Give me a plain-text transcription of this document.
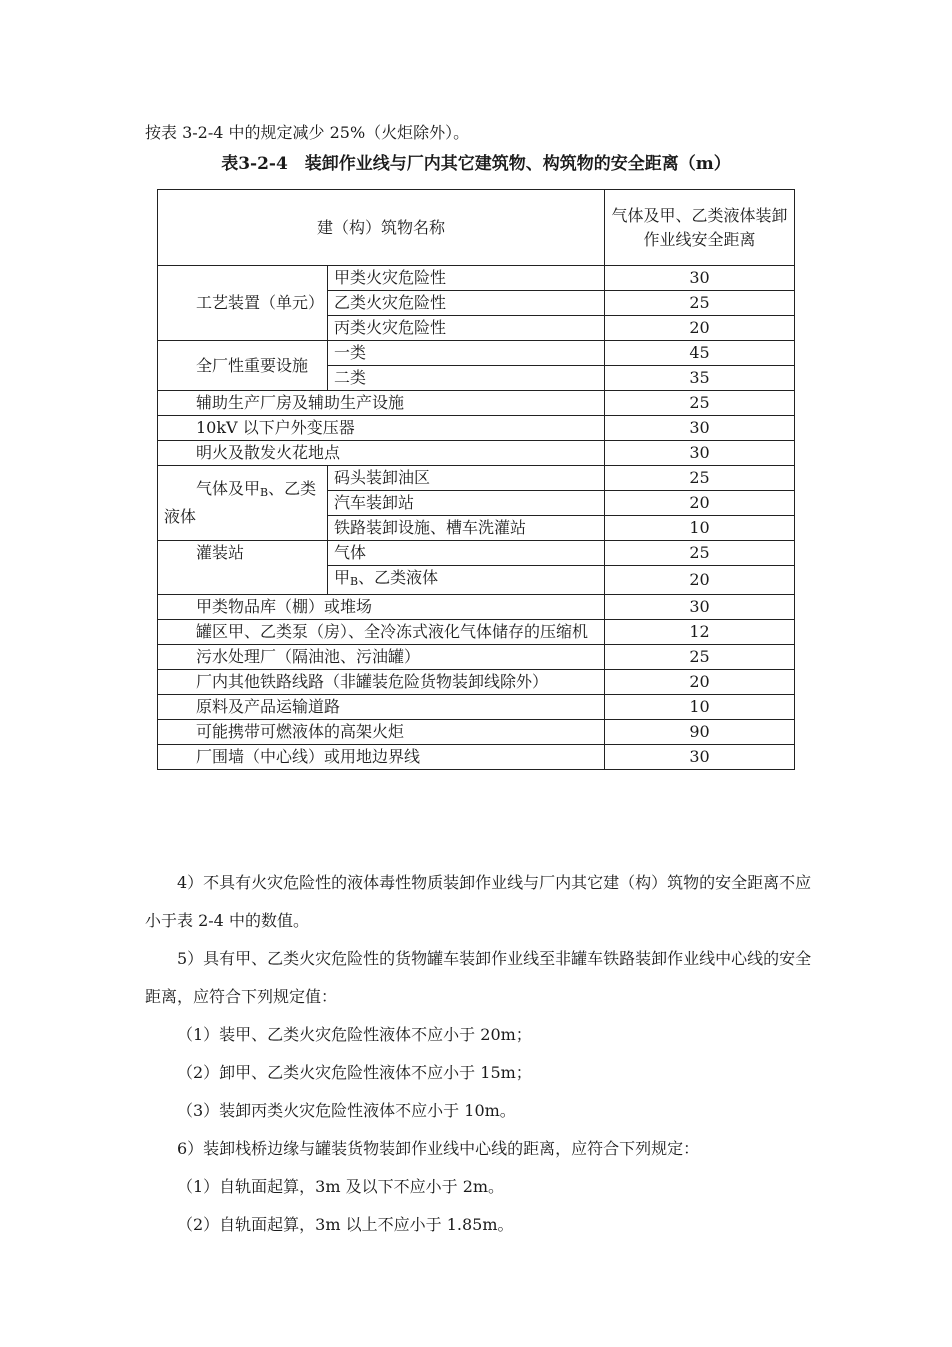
按表 3-2-4 中的规定减少 25%（火炬除外）。
表3-2-4　装卸作业线与厂内其它建筑物、构筑物的安全距离（m）
建（构）筑物名称		气体及甲、乙类液体装卸作业线安全距离
工艺装置（单元）	甲类火灾危险性	30
	乙类火灾危险性	25
	丙类火灾危险性	20
全厂性重要设施	一类	45
	二类	35
辅助生产厂房及辅助生产设施		25
10kV 以下户外变压器		30
明火及散发火花地点		30
气体及甲$_B$、乙类液体	码头装卸油区	25
	汽车装卸站	20
	铁路装卸设施、槽车洗灌站	10
灌装站	气体	25
	甲$_B$、乙类液体	20
甲类物品库（棚）或堆场		30
罐区甲、乙类泵（房）、全冷冻式液化气体储存的压缩机		12
污水处理厂（隔油池、污油罐）		25
厂内其他铁路线路（非罐装危险货物装卸线除外）		20
原料及产品运输道路		10
可能携带可燃液体的高架火炬		90
厂围墙（中心线）或用地边界线		30

4）不具有火灾危险性的液体毒性物质装卸作业线与厂内其它建（构）筑物的安全距离不应小于表 2-4 中的数值。

5）具有甲、乙类火灾危险性的货物罐车装卸作业线至非罐车铁路装卸作业线中心线的安全距离，应符合下列规定值：

（1）装甲、乙类火灾危险性液体不应小于 20m；

（2）卸甲、乙类火灾危险性液体不应小于 15m；

（3）装卸丙类火灾危险性液体不应小于 10m。

6）装卸栈桥边缘与罐装货物装卸作业线中心线的距离，应符合下列规定：

（1）自轨面起算，3m 及以下不应小于 2m。

（2）自轨面起算，3m 以上不应小于 1.85m。
